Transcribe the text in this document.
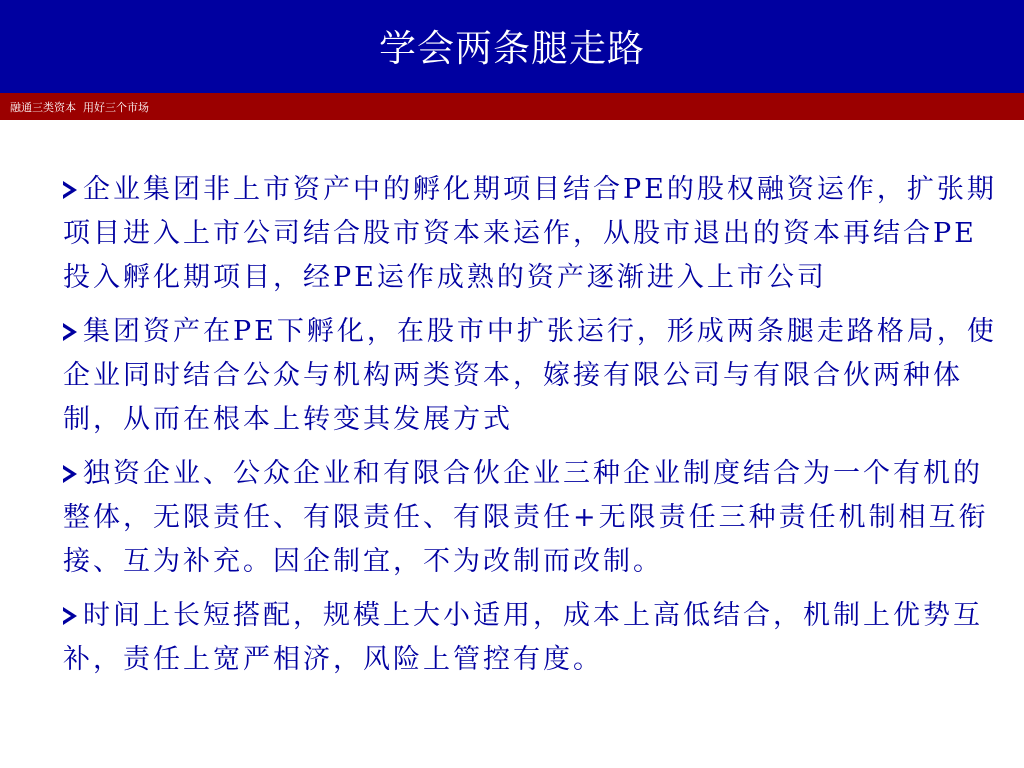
学会两条腿走路
融通三类资本  用好三个市场

企业集团非上市资产中的孵化期项目结合PE的股权融资运作，扩张期项目进入上市公司结合股市资本来运作，从股市退出的资本再结合PE投入孵化期项目，经PE运作成熟的资产逐渐进入上市公司

集团资产在PE下孵化，在股市中扩张运行，形成两条腿走路格局，使企业同时结合公众与机构两类资本，嫁接有限公司与有限合伙两种体制，从而在根本上转变其发展方式

独资企业、公众企业和有限合伙企业三种企业制度结合为一个有机的整体，无限责任、有限责任、有限责任+无限责任三种责任机制相互衔接、互为补充。因企制宜，不为改制而改制。

时间上长短搭配，规模上大小适用，成本上高低结合，机制上优势互补，责任上宽严相济，风险上管控有度。
